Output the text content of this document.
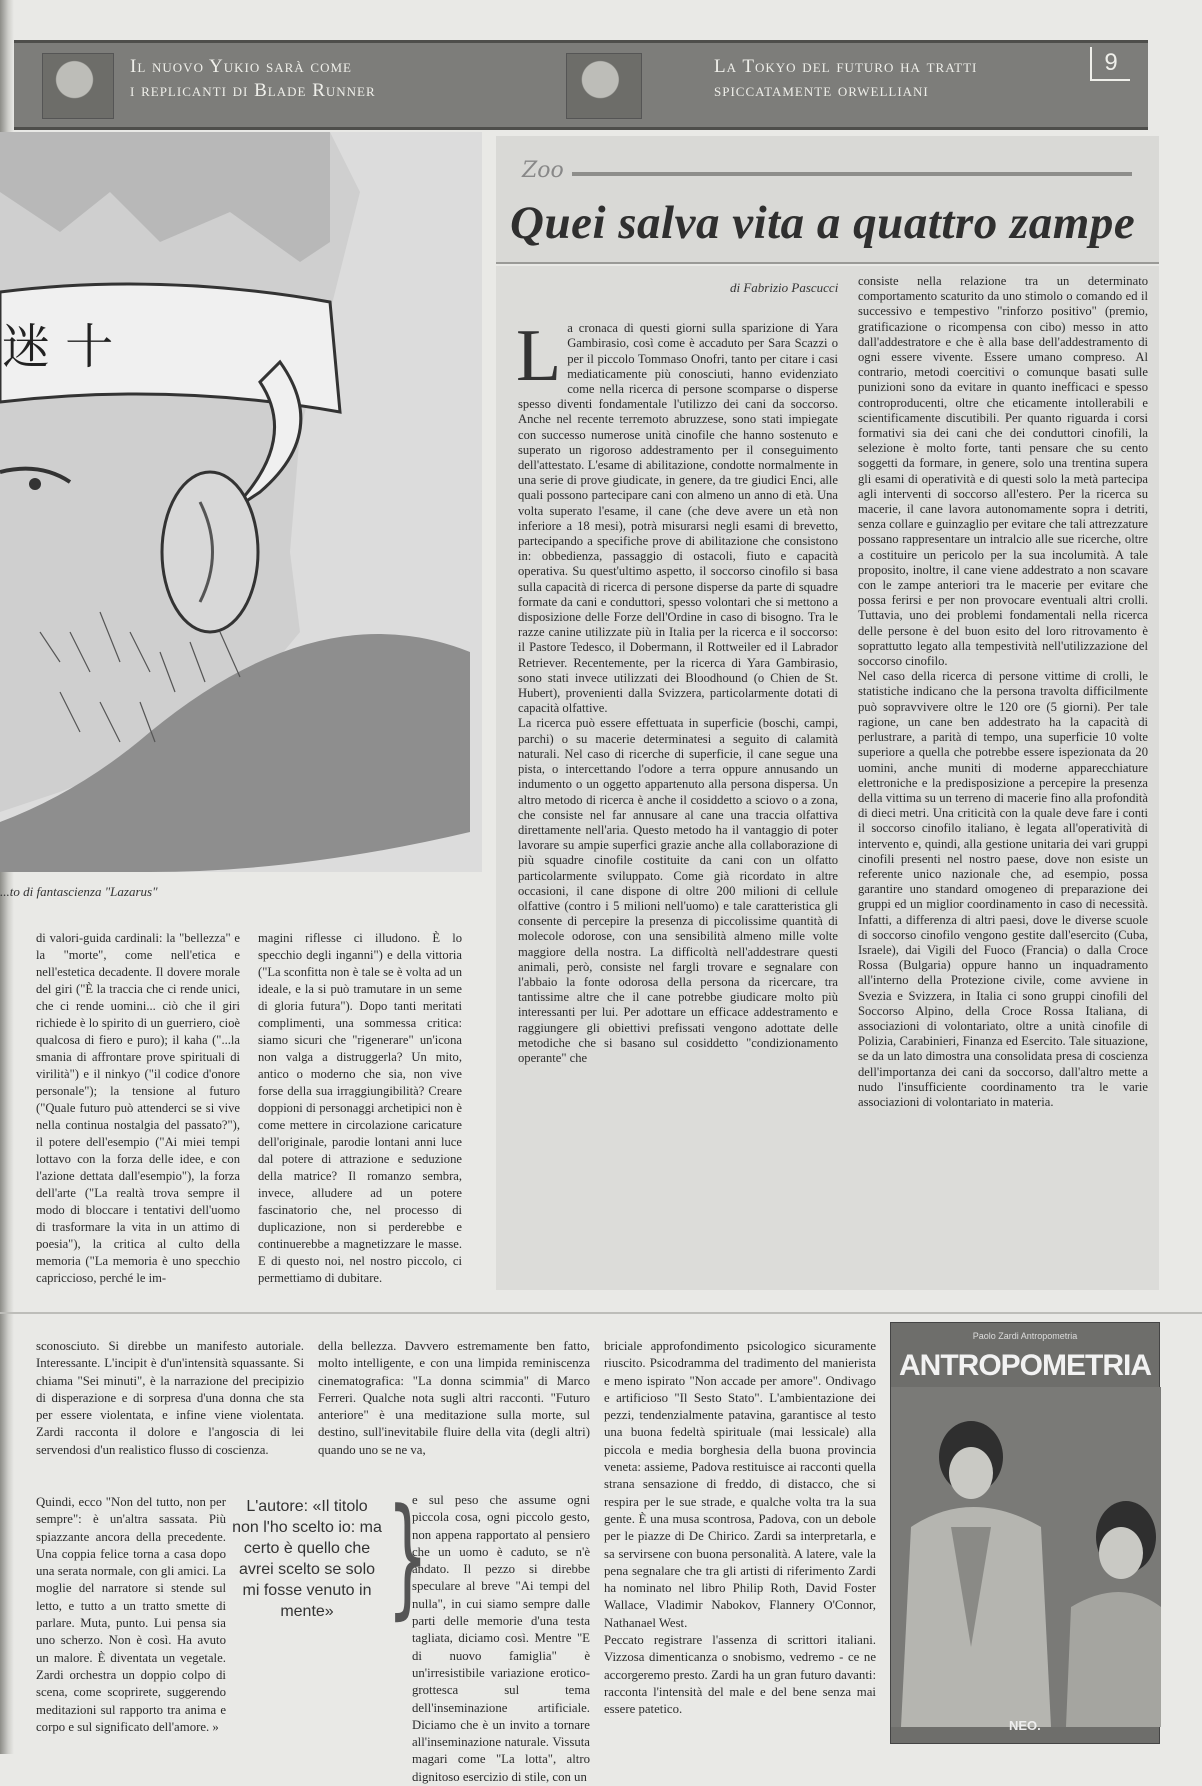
Il nuovo Yukio sarà come
i replicanti di Blade Runner
La Tokyo del futuro ha tratti
spiccatamente orwelliani
9
迷 十
...to di fantascienza "Lazarus"
di valori-guida cardinali: la "bellezza" e la "morte", come nell'etica e nell'estetica decadente. Il dovere morale del giri ("È la traccia che ci rende unici, che ci rende uomini... ciò che il giri richiede è lo spirito di un guerriero, cioè qualcosa di fiero e puro); il kaha ("...la smania di affrontare prove spirituali di virilità") e il ninkyo ("il codice d'onore personale"); la tensione al futuro ("Quale futuro può attenderci se si vive nella continua nostalgia del passato?"), il potere dell'esempio ("Ai miei tempi lottavo con la forza delle idee, e con l'azione dettata dall'esempio"), la forza dell'arte ("La realtà trova sempre il modo di bloccare i tentativi dell'uomo di trasformare la vita in un attimo di poesia"), la critica al culto della memoria ("La memoria è uno specchio capriccioso, perché le im-
magini riflesse ci illudono. È lo specchio degli inganni") e della vittoria ("La sconfitta non è tale se è volta ad un ideale, e la si può tramutare in un seme di gloria futura"). Dopo tanti meritati complimenti, una sommessa critica: siamo sicuri che "rigenerare" un'icona non valga a distruggerla? Un mito, antico o moderno che sia, non vive forse della sua irraggiungibilità? Creare doppioni di personaggi archetipici non è come mettere in circolazione caricature dell'originale, parodie lontani anni luce dal potere di attrazione e seduzione della matrice? Il romanzo sembra, invece, alludere ad un potere fascinatorio che, nel processo di duplicazione, non si perderebbe e continuerebbe a magnetizzare le masse. E di questo noi, nel nostro piccolo, ci permettiamo di dubitare.
Zoo
Quei salva vita a quattro zampe
di Fabrizio Pascucci

La cronaca di questi giorni sulla sparizione di Yara Gambirasio, così come è accaduto per Sara Scazzi o per il piccolo Tommaso Onofri, tanto per citare i casi mediaticamente più conosciuti, hanno evidenziato come nella ricerca di persone scomparse o disperse spesso diventi fondamentale l'utilizzo dei cani da soccorso. Anche nel recente terremoto abruzzese, sono stati impiegate con successo numerose unità cinofile che hanno sostenuto e superato un rigoroso addestramento per il conseguimento dell'attestato. L'esame di abilitazione, condotte normalmente in una serie di prove giudicate, in genere, da tre giudici Enci, alle quali possono partecipare cani con almeno un anno di età. Una volta superato l'esame, il cane (che deve avere un età non inferiore a 18 mesi), potrà misurarsi negli esami di brevetto, partecipando a specifiche prove di abilitazione che consistono in: obbedienza, passaggio di ostacoli, fiuto e capacità operativa. Su quest'ultimo aspetto, il soccorso cinofilo si basa sulla capacità di ricerca di persone disperse da parte di squadre formate da cani e conduttori, spesso volontari che si mettono a disposizione delle Forze dell'Ordine in caso di bisogno. Tra le razze canine utilizzate più in Italia per la ricerca e il soccorso: il Pastore Tedesco, il Dobermann, il Rottweiler ed il Labrador Retriever. Recentemente, per la ricerca di Yara Gambirasio, sono stati invece utilizzati dei Bloodhound (o Chien de St. Hubert), provenienti dalla Svizzera, particolarmente dotati di capacità olfattive.
La ricerca può essere effettuata in superficie (boschi, campi, parchi) o su macerie determinatesi a seguito di calamità naturali. Nel caso di ricerche di superficie, il cane segue una pista, o intercettando l'odore a terra oppure annusando un indumento o un oggetto appartenuto alla persona dispersa. Un altro metodo di ricerca è anche il cosiddetto a sciovo o a zona, che consiste nel far annusare al cane una traccia olfattiva direttamente nell'aria. Questo metodo ha il vantaggio di poter lavorare su ampie superfici grazie anche alla collaborazione di più squadre cinofile costituite da cani con un olfatto particolarmente sviluppato. Come già ricordato in altre occasioni, il cane dispone di oltre 200 milioni di cellule olfattive (contro i 5 milioni nell'uomo) e tale caratteristica gli consente di percepire la presenza di piccolissime quantità di molecole odorose, con una sensibilità almeno mille volte maggiore della nostra. La difficoltà nell'addestrare questi animali, però, consiste nel fargli trovare e segnalare con l'abbaio la fonte odorosa della persona da ricercare, tra tantissime altre che il cane potrebbe giudicare molto più interessanti per lui. Per adottare un efficace addestramento e raggiungere gli obiettivi prefissati vengono adottate delle metodiche che si basano sul cosiddetto "condizionamento operante" che

consiste nella relazione tra un determinato comportamento scaturito da uno stimolo o comando ed il successivo e tempestivo "rinforzo positivo" (premio, gratificazione o ricompensa con cibo) messo in atto dall'addestratore e che è alla base dell'addestramento di ogni essere vivente. Essere umano compreso. Al contrario, metodi coercitivi o comunque basati sulle punizioni sono da evitare in quanto inefficaci e spesso controproducenti, oltre che eticamente intollerabili e scientificamente discutibili. Per quanto riguarda i corsi formativi sia dei cani che dei conduttori cinofili, la selezione è molto forte, tanti pensare che su cento soggetti da formare, in genere, solo una trentina supera gli esami di operatività e di questi solo la metà partecipa agli interventi di soccorso all'estero. Per la ricerca su macerie, il cane lavora autonomamente sopra i detriti, senza collare e guinzaglio per evitare che tali attrezzature possano rappresentare un intralcio alle sue ricerche, oltre a costituire un pericolo per la sua incolumità. A tale proposito, inoltre, il cane viene addestrato a non scavare con le zampe anteriori tra le macerie per evitare che possa ferirsi e per non provocare eventuali altri crolli. Tuttavia, uno dei problemi fondamentali nella ricerca delle persone è del buon esito del loro ritrovamento è soprattutto legato alla tempestività nell'utilizzazione del soccorso cinofilo.
Nel caso della ricerca di persone vittime di crolli, le statistiche indicano che la persona travolta difficilmente può sopravvivere oltre le 120 ore (5 giorni). Per tale ragione, un cane ben addestrato ha la capacità di perlustrare, a parità di tempo, una superficie 10 volte superiore a quella che potrebbe essere ispezionata da 20 uomini, anche muniti di moderne apparecchiature elettroniche e la predisposizione a percepire la presenza della vittima su un terreno di macerie fino alla profondità di dieci metri. Una criticità con la quale deve fare i conti il soccorso cinofilo italiano, è legata all'operatività di intervento e, quindi, alla gestione unitaria dei vari gruppi cinofili presenti nel nostro paese, dove non esiste un referente unico nazionale che, ad esempio, possa garantire uno standard omogeneo di preparazione dei gruppi ed un miglior coordinamento in caso di necessità. Infatti, a differenza di altri paesi, dove le diverse scuole di soccorso cinofilo vengono gestite dall'esercito (Cuba, Israele), dai Vigili del Fuoco (Francia) o dalla Croce Rossa (Bulgaria) oppure hanno un inquadramento all'interno della Protezione civile, come avviene in Svezia e Svizzera, in Italia ci sono gruppi cinofili del Soccorso Alpino, della Croce Rossa Italiana, di associazioni di volontariato, oltre a unità cinofile di Polizia, Carabinieri, Finanza ed Esercito. Tale situazione, se da un lato dimostra una consolidata presa di coscienza dell'importanza dei cani da soccorso, dall'altro mette a nudo l'insufficiente coordinamento tra le varie associazioni di volontariato in materia.
sconosciuto. Si direbbe un manifesto autoriale. Interessante. L'incipit è d'un'intensità squassante. Si chiama "Sei minuti", è la narrazione del precipizio di disperazione e di sorpresa d'una donna che sta per essere violentata, e infine viene violentata. Zardi racconta il dolore e l'angoscia di lei servendosi d'un realistico flusso di coscienza.
Quindi, ecco "Non del tutto, non per sempre": è un'altra sassata. Più spiazzante ancora della precedente. Una coppia felice torna a casa dopo una serata normale, con gli amici. La moglie del narratore si stende sul letto, e tutto a un tratto smette di parlare. Muta, punto. Lui pensa sia uno scherzo. Non è così. Ha avuto un malore. È diventata un vegetale. Zardi orchestra un doppio colpo di scena, come scoprirete, suggerendo meditazioni sul rapporto tra anima e corpo e sul significato dell'amore. »
della bellezza. Davvero estremamente ben fatto, molto intelligente, e con una limpida reminiscenza cinematografica: "La donna scimmia" di Marco Ferreri. Qualche nota sugli altri racconti. "Futuro anteriore" è una meditazione sulla morte, sul destino, sull'inevitabile fluire della vita (degli altri) quando uno se ne va,
e sul peso che assume ogni piccola cosa, ogni piccolo gesto, non appena rapportato al pensiero che un uomo è caduto, se n'è andato. Il pezzo si direbbe speculare al breve "Ai tempi del nulla", in cui siamo sempre dalle parti delle memorie d'una testa tagliata, diciamo così. Mentre "E di nuovo famiglia" è un'irresistibile variazione erotico-grottesca sul tema dell'inseminazione artificiale. Diciamo che è un invito a tornare all'inseminazione naturale. Vissuta magari come "La lotta", altro dignitoso esercizio di stile, con un
L'autore: «Il titolo non l'ho scelto io: ma certo è quello che avrei scelto se solo mi fosse venuto in mente» }
briciale approfondimento psicologico sicuramente riuscito. Psicodramma del tradimento del manierista e meno ispirato "Non accade per amore". Ondivago e artificioso "Il Sesto Stato". L'ambientazione dei pezzi, tendenzialmente patavina, garantisce al testo una buona fedeltà spirituale (mai lessicale) alla piccola e media borghesia della buona provincia veneta: assieme, Padova restituisce ai racconti quella strana sensazione di freddo, di distacco, che si respira per le sue strade, e qualche volta tra la sua gente. È una musa scontrosa, Padova, con un debole per le piazze di De Chirico. Zardi sa interpretarla, e sa servirsene con buona personalità. A latere, vale la pena segnalare che tra gli artisti di riferimento Zardi ha nominato nel libro Philip Roth, David Foster Wallace, Vladimir Nabokov, Flannery O'Connor, Nathanael West.
Peccato registrare l'assenza di scrittori italiani. Vizzosa dimenticanza o snobismo, vedremo - ce ne accorgeremo presto. Zardi ha un gran futuro davanti: racconta l'intensità del male e del bene senza mai essere patetico.
Paolo Zardi Antropometria
ANTROPOMETRIA
NEO.
